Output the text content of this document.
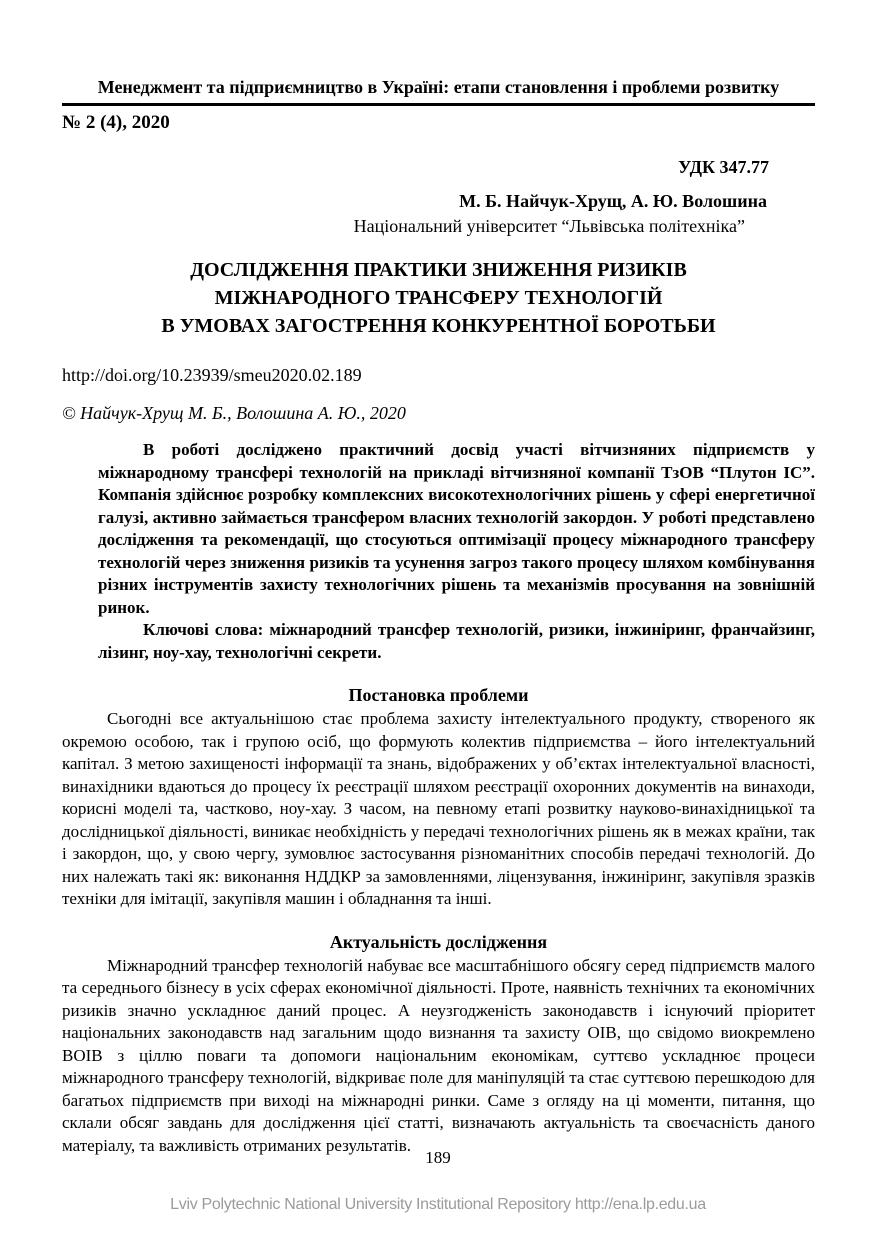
Менеджмент та підприємництво в Україні: етапи становлення і проблеми розвитку
№ 2 (4), 2020
УДК 347.77
М. Б. Найчук-Хрущ, А. Ю. Волошина
Національний університет “Львівська політехніка”
ДОСЛІДЖЕННЯ ПРАКТИКИ ЗНИЖЕННЯ РИЗИКІВ
МІЖНАРОДНОГО ТРАНСФЕРУ ТЕХНОЛОГІЙ
В УМОВАХ ЗАГОСТРЕННЯ КОНКУРЕНТНОЇ БОРОТЬБИ
http://doi.org/10.23939/smeu2020.02.189
© Найчук-Хрущ М. Б., Волошина А. Ю., 2020

В роботі досліджено практичний досвід участі вітчизняних підприємств у міжнародному трансфері технологій на прикладі вітчизняної компанії ТзОВ “Плутон ІС”. Компанія здійснює розробку комплексних високотехнологічних рішень у сфері енергетичної галузі, активно займається трансфером власних технологій закордон. У роботі представлено дослідження та рекомендації, що стосуються оптимізації процесу міжнародного трансферу технологій через зниження ризиків та усунення загроз такого процесу шляхом комбінування різних інструментів захисту технологічних рішень та механізмів просування на зовнішній ринок.

Ключові слова: міжнародний трансфер технологій, ризики, інжиніринг, франчайзинг, лізинг, ноу-хау, технологічні секрети.

Постановка проблеми

Сьогодні все актуальнішою стає проблема захисту інтелектуального продукту, створеного як окремою особою, так і групою осіб, що формують колектив підприємства – його інтелектуальний капітал. З метою захищеності інформації та знань, відображених у об’єктах інтелектуальної власності, винахідники вдаються до процесу їх реєстрації шляхом реєстрації охоронних документів на винаходи, корисні моделі та, частково, ноу-хау. З часом, на певному етапі розвитку науково-винахідницької та дослідницької діяльності, виникає необхідність у передачі технологічних рішень як в межах країни, так і закордон, що, у свою чергу, зумовлює застосування різноманітних способів передачі технологій. До них належать такі як: виконання НДДКР за замовленнями, ліцензування, інжиніринг, закупівля зразків техніки для імітації, закупівля машин і обладнання та інші.

Актуальність дослідження

Міжнародний трансфер технологій набуває все масштабнішого обсягу серед підприємств малого та середнього бізнесу в усіх сферах економічної діяльності. Проте, наявність технічних та економічних ризиків значно ускладнює даний процес. А неузгодженість законодавств і існуючий пріоритет національних законодавств над загальним щодо визнання та захисту ОІВ, що свідомо виокремлено ВОІВ з ціллю поваги та допомоги національним економікам, суттєво ускладнює процеси міжнародного трансферу технологій, відкриває поле для маніпуляцій та стає суттєвою перешкодою для багатьох підприємств при виході на міжнародні ринки. Саме з огляду на ці моменти, питання, що склали обсяг завдань для дослідження цієї статті, визначають актуальність та своєчасність даного матеріалу, та важливість отриманих результатів.

189
Lviv Polytechnic National University Institutional Repository http://ena.lp.edu.ua
